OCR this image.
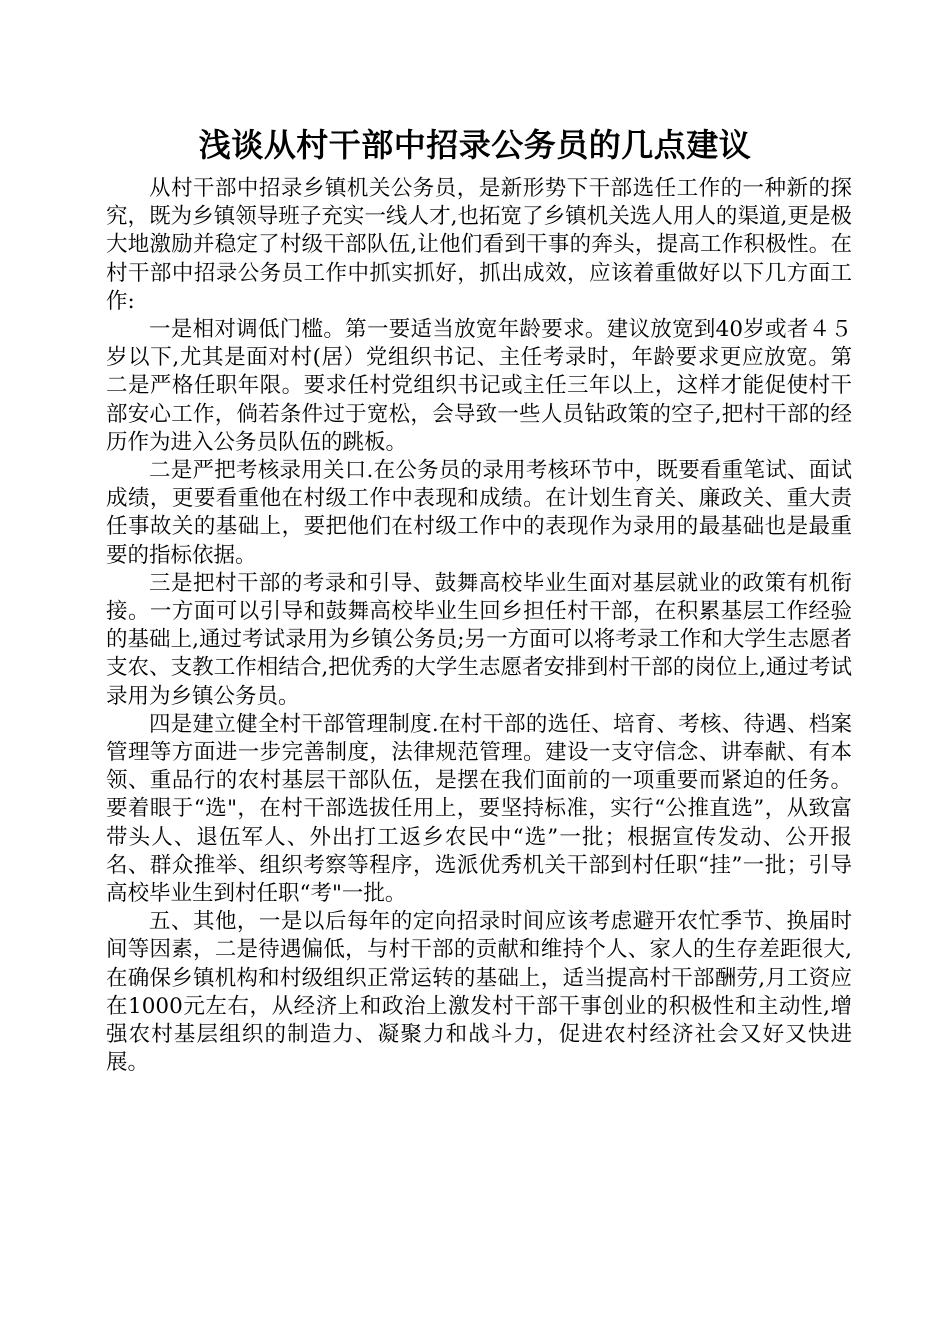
浅谈从村干部中招录公务员的几点建议

从村干部中招录乡镇机关公务员，是新形势下干部选任工作的一种新的探究，既为乡镇领导班子充实一线人才,也拓宽了乡镇机关选人用人的渠道,更是极大地激励并稳定了村级干部队伍,让他们看到干事的奔头，提高工作积极性。在村干部中招录公务员工作中抓实抓好，抓出成效，应该着重做好以下几方面工作:

一是相对调低门槛。第一要适当放宽年龄要求。建议放宽到40岁或者４５岁以下,尤其是面对村(居）党组织书记、主任考录时，年龄要求更应放宽。第二是严格任职年限。要求任村党组织书记或主任三年以上，这样才能促使村干部安心工作，倘若条件过于宽松，会导致一些人员钻政策的空子,把村干部的经历作为进入公务员队伍的跳板。

二是严把考核录用关口.在公务员的录用考核环节中，既要看重笔试、面试成绩，更要看重他在村级工作中表现和成绩。在计划生育关、廉政关、重大责任事故关的基础上，要把他们在村级工作中的表现作为录用的最基础也是最重要的指标依据。

三是把村干部的考录和引导、鼓舞高校毕业生面对基层就业的政策有机衔接。一方面可以引导和鼓舞高校毕业生回乡担任村干部，在积累基层工作经验的基础上,通过考试录用为乡镇公务员;另一方面可以将考录工作和大学生志愿者支农、支教工作相结合,把优秀的大学生志愿者安排到村干部的岗位上,通过考试录用为乡镇公务员。

四是建立健全村干部管理制度.在村干部的选任、培育、考核、待遇、档案管理等方面进一步完善制度，法律规范管理。建设一支守信念、讲奉献、有本领、重品行的农村基层干部队伍，是摆在我们面前的一项重要而紧迫的任务。要着眼于“选"，在村干部选拔任用上，要坚持标准，实行“公推直选”，从致富带头人、退伍军人、外出打工返乡农民中“选”一批；根据宣传发动、公开报名、群众推举、组织考察等程序，选派优秀机关干部到村任职“挂”一批；引导高校毕业生到村任职“考"一批。

五、其他，一是以后每年的定向招录时间应该考虑避开农忙季节、换届时间等因素，二是待遇偏低，与村干部的贡献和维持个人、家人的生存差距很大,在确保乡镇机构和村级组织正常运转的基础上，适当提高村干部酬劳,月工资应在1000元左右，从经济上和政治上激发村干部干事创业的积极性和主动性,增强农村基层组织的制造力、凝聚力和战斗力，促进农村经济社会又好又快进展。
